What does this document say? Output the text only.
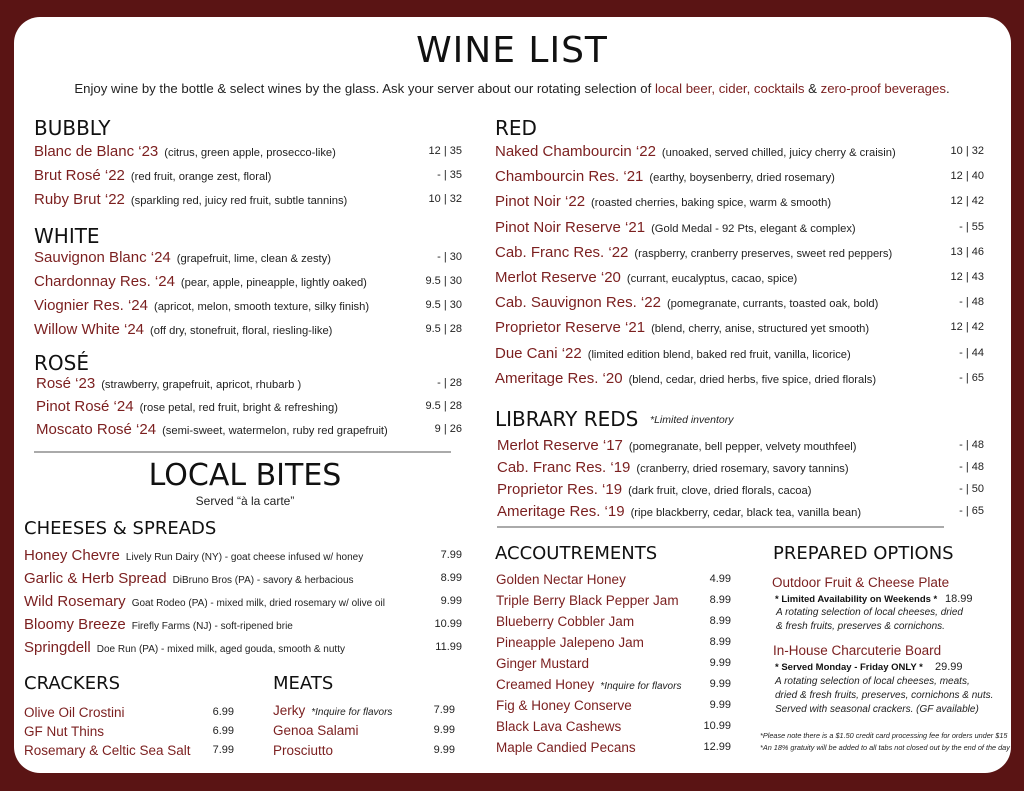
WINE LIST
Enjoy wine by the bottle & select wines by the glass. Ask your server about our rotating selection of local beer, cider, cocktails & zero-proof beverages.
BUBBLY
Blanc de Blanc ‘23 (citrus, green apple, prosecco-like)	12 | 35
Brut Rosé ‘22 (red fruit, orange zest, floral)	- | 35
Ruby Brut ‘22 (sparkling red, juicy red fruit, subtle tannins)	10 | 32
WHITE
Sauvignon Blanc ‘24 (grapefruit, lime, clean & zesty)	- | 30
Chardonnay Res. ‘24 (pear, apple, pineapple, lightly oaked)	9.5 | 30
Viognier Res. ‘24 (apricot, melon, smooth texture, silky finish)	9.5 | 30
Willow White ‘24 (off dry, stonefruit, floral, riesling-like)	9.5 | 28
ROSÉ
Rosé ‘23 (strawberry, grapefruit, apricot, rhubarb )	- | 28
Pinot Rosé ‘24 (rose petal, red fruit, bright & refreshing)	9.5 | 28
Moscato Rosé ‘24 (semi-sweet, watermelon, ruby red grapefruit)	9 | 26
RED
Naked Chambourcin ‘22 (unoaked, served chilled, juicy cherry & craisin)	10 | 32
Chambourcin Res. ‘21 (earthy, boysenberry, dried rosemary)	12 | 40
Pinot Noir ‘22 (roasted cherries, baking spice, warm & smooth)	12 | 42
Pinot Noir Reserve ‘21 (Gold Medal - 92 Pts, elegant & complex)	- | 55
Cab. Franc Res. ‘22 (raspberry, cranberry preserves, sweet red peppers)	13 | 46
Merlot Reserve ‘20 (currant, eucalyptus, cacao, spice)	12 | 43
Cab. Sauvignon Res. ‘22 (pomegranate, currants, toasted oak, bold)	- | 48
Proprietor Reserve ‘21 (blend, cherry, anise, structured yet smooth)	12 | 42
Due Cani ‘22 (limited edition blend, baked red fruit, vanilla, licorice)	- | 44
Ameritage Res. ‘20 (blend, cedar, dried herbs, five spice, dried florals)	- | 65
LIBRARY REDS *Limited inventory
Merlot Reserve ‘17 (pomegranate, bell pepper, velvety mouthfeel)	- | 48
Cab. Franc Res. ‘19 (cranberry, dried rosemary, savory tannins)	- | 48
Proprietor Res. ‘19 (dark fruit, clove, dried florals, cacoa)	- | 50
Ameritage Res. ‘19 (ripe blackberry, cedar, black tea, vanilla bean)	- | 65
LOCAL BITES
Served “à la carte”
CHEESES & SPREADS
Honey Chevre Lively Run Dairy (NY) - goat cheese infused w/ honey	7.99
Garlic & Herb Spread DiBruno Bros (PA) - savory & herbacious	8.99
Wild Rosemary Goat Rodeo (PA) - mixed milk, dried rosemary w/ olive oil	9.99
Bloomy Breeze Firefly Farms (NJ) - soft-ripened brie	10.99
Springdell Doe Run (PA) - mixed milk, aged gouda, smooth & nutty	11.99
CRACKERS
Olive Oil Crostini	6.99
GF Nut Thins	6.99
Rosemary & Celtic Sea Salt 7.99
MEATS
Jerky *Inquire for flavors	7.99
Genoa Salami	9.99
Prosciutto	9.99
ACCOUTREMENTS
Golden Nectar Honey	4.99
Triple Berry Black Pepper Jam	8.99
Blueberry Cobbler Jam	8.99
Pineapple Jalepeno Jam	8.99
Ginger Mustard	9.99
Creamed Honey *Inquire for flavors	9.99
Fig & Honey Conserve	9.99
Black Lava Cashews	10.99
Maple Candied Pecans	12.99
PREPARED OPTIONS
Outdoor Fruit & Cheese Plate
* Limited Availability on Weekends * 18.99
A rotating selection of local cheeses, dried
& fresh fruits, preserves & cornichons.
In-House Charcuterie Board
* Served Monday - Friday ONLY * 29.99
A rotating selection of local cheeses, meats,
dried & fresh fruits, preserves, cornichons & nuts.
Served with seasonal crackers. (GF available)
*Please note there is a $1.50 credit card processing fee for orders under $15
*An 18% gratuity will be added to all tabs not closed out by the end of the day
